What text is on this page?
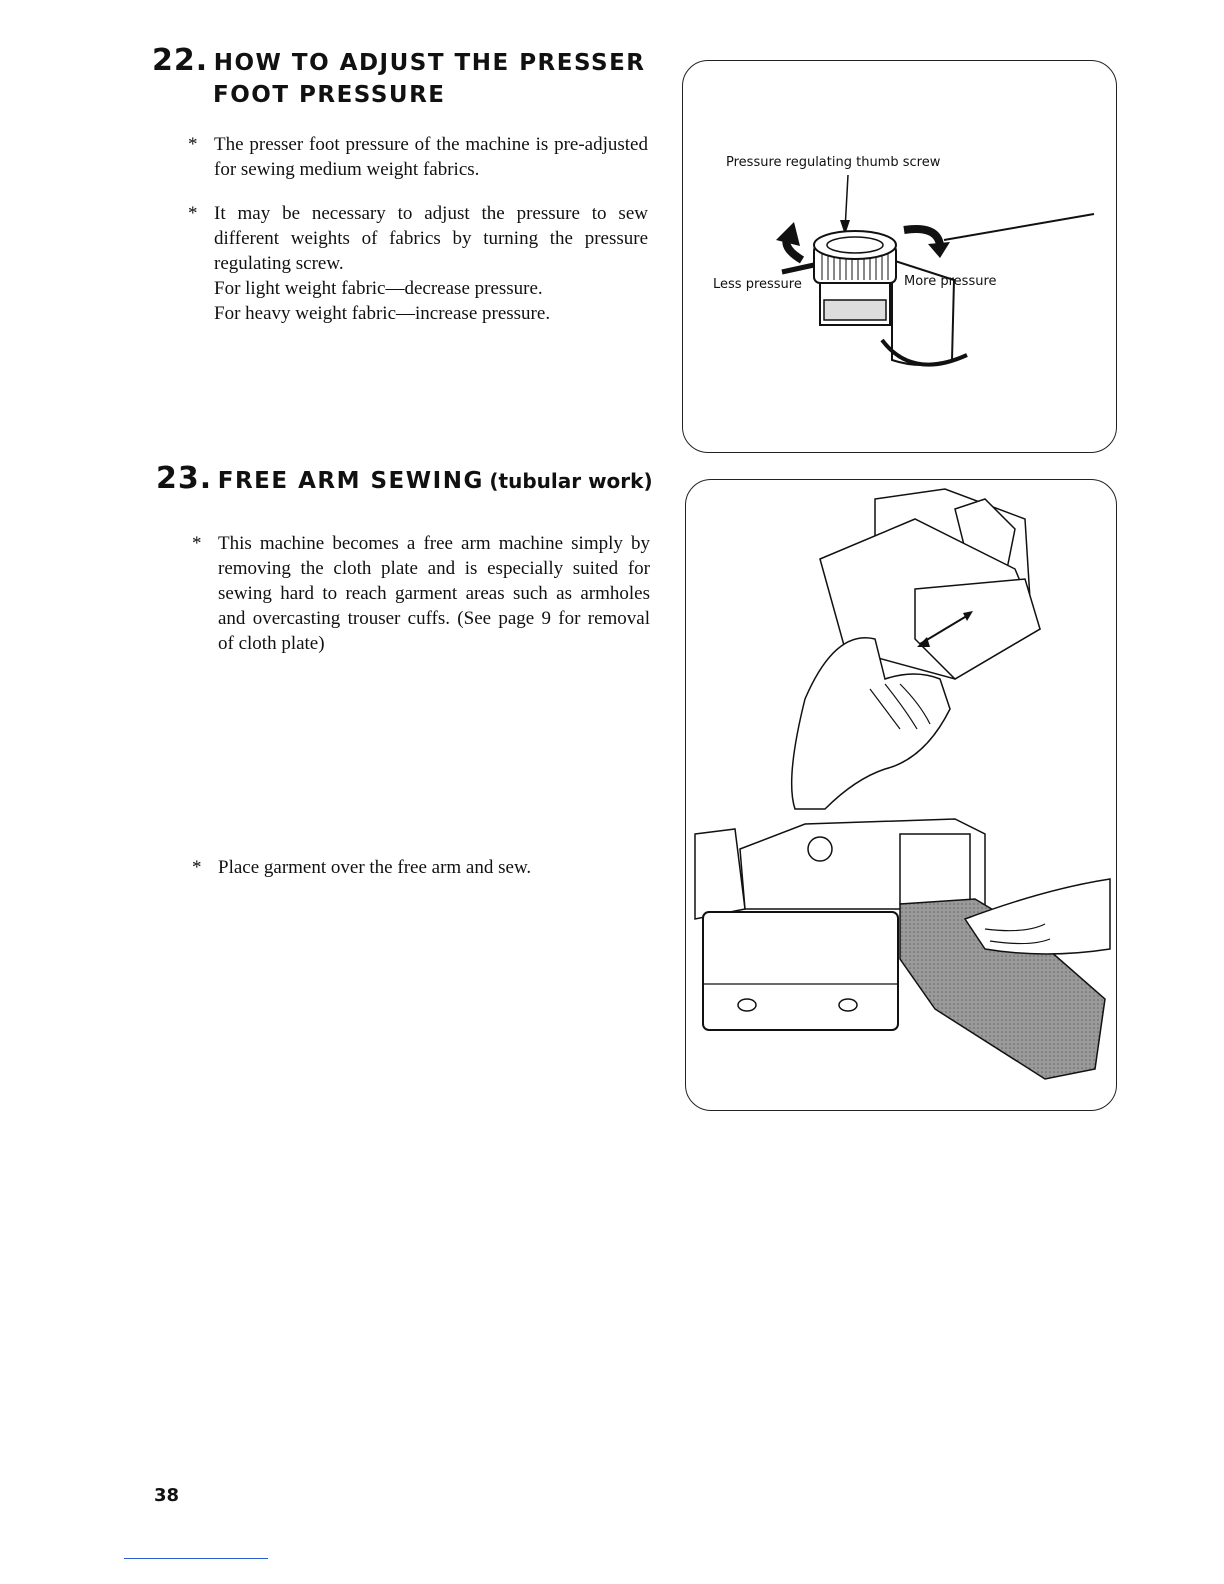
22. HOW TO ADJUST THE PRESSER
FOOT PRESSURE
* The presser foot pressure of the machine is pre-adjusted for sewing medium weight fabrics.

* It may be necessary to adjust the pressure to sew different weights of fabrics by turning the pressure regulating screw.

For light weight fabric—decrease pressure.

For heavy weight fabric—increase pressure.

Pressure regulating thumb screw
Less pressure	More pressure
23. FREE ARM SEWING (tubular work)
* This machine becomes a free arm machine simply by removing the cloth plate and is especially suited for sewing hard to reach garment areas such as armholes and overcasting trouser cuffs. (See page 9 for removal of cloth plate)

* Place garment over the free arm and sew.

38
